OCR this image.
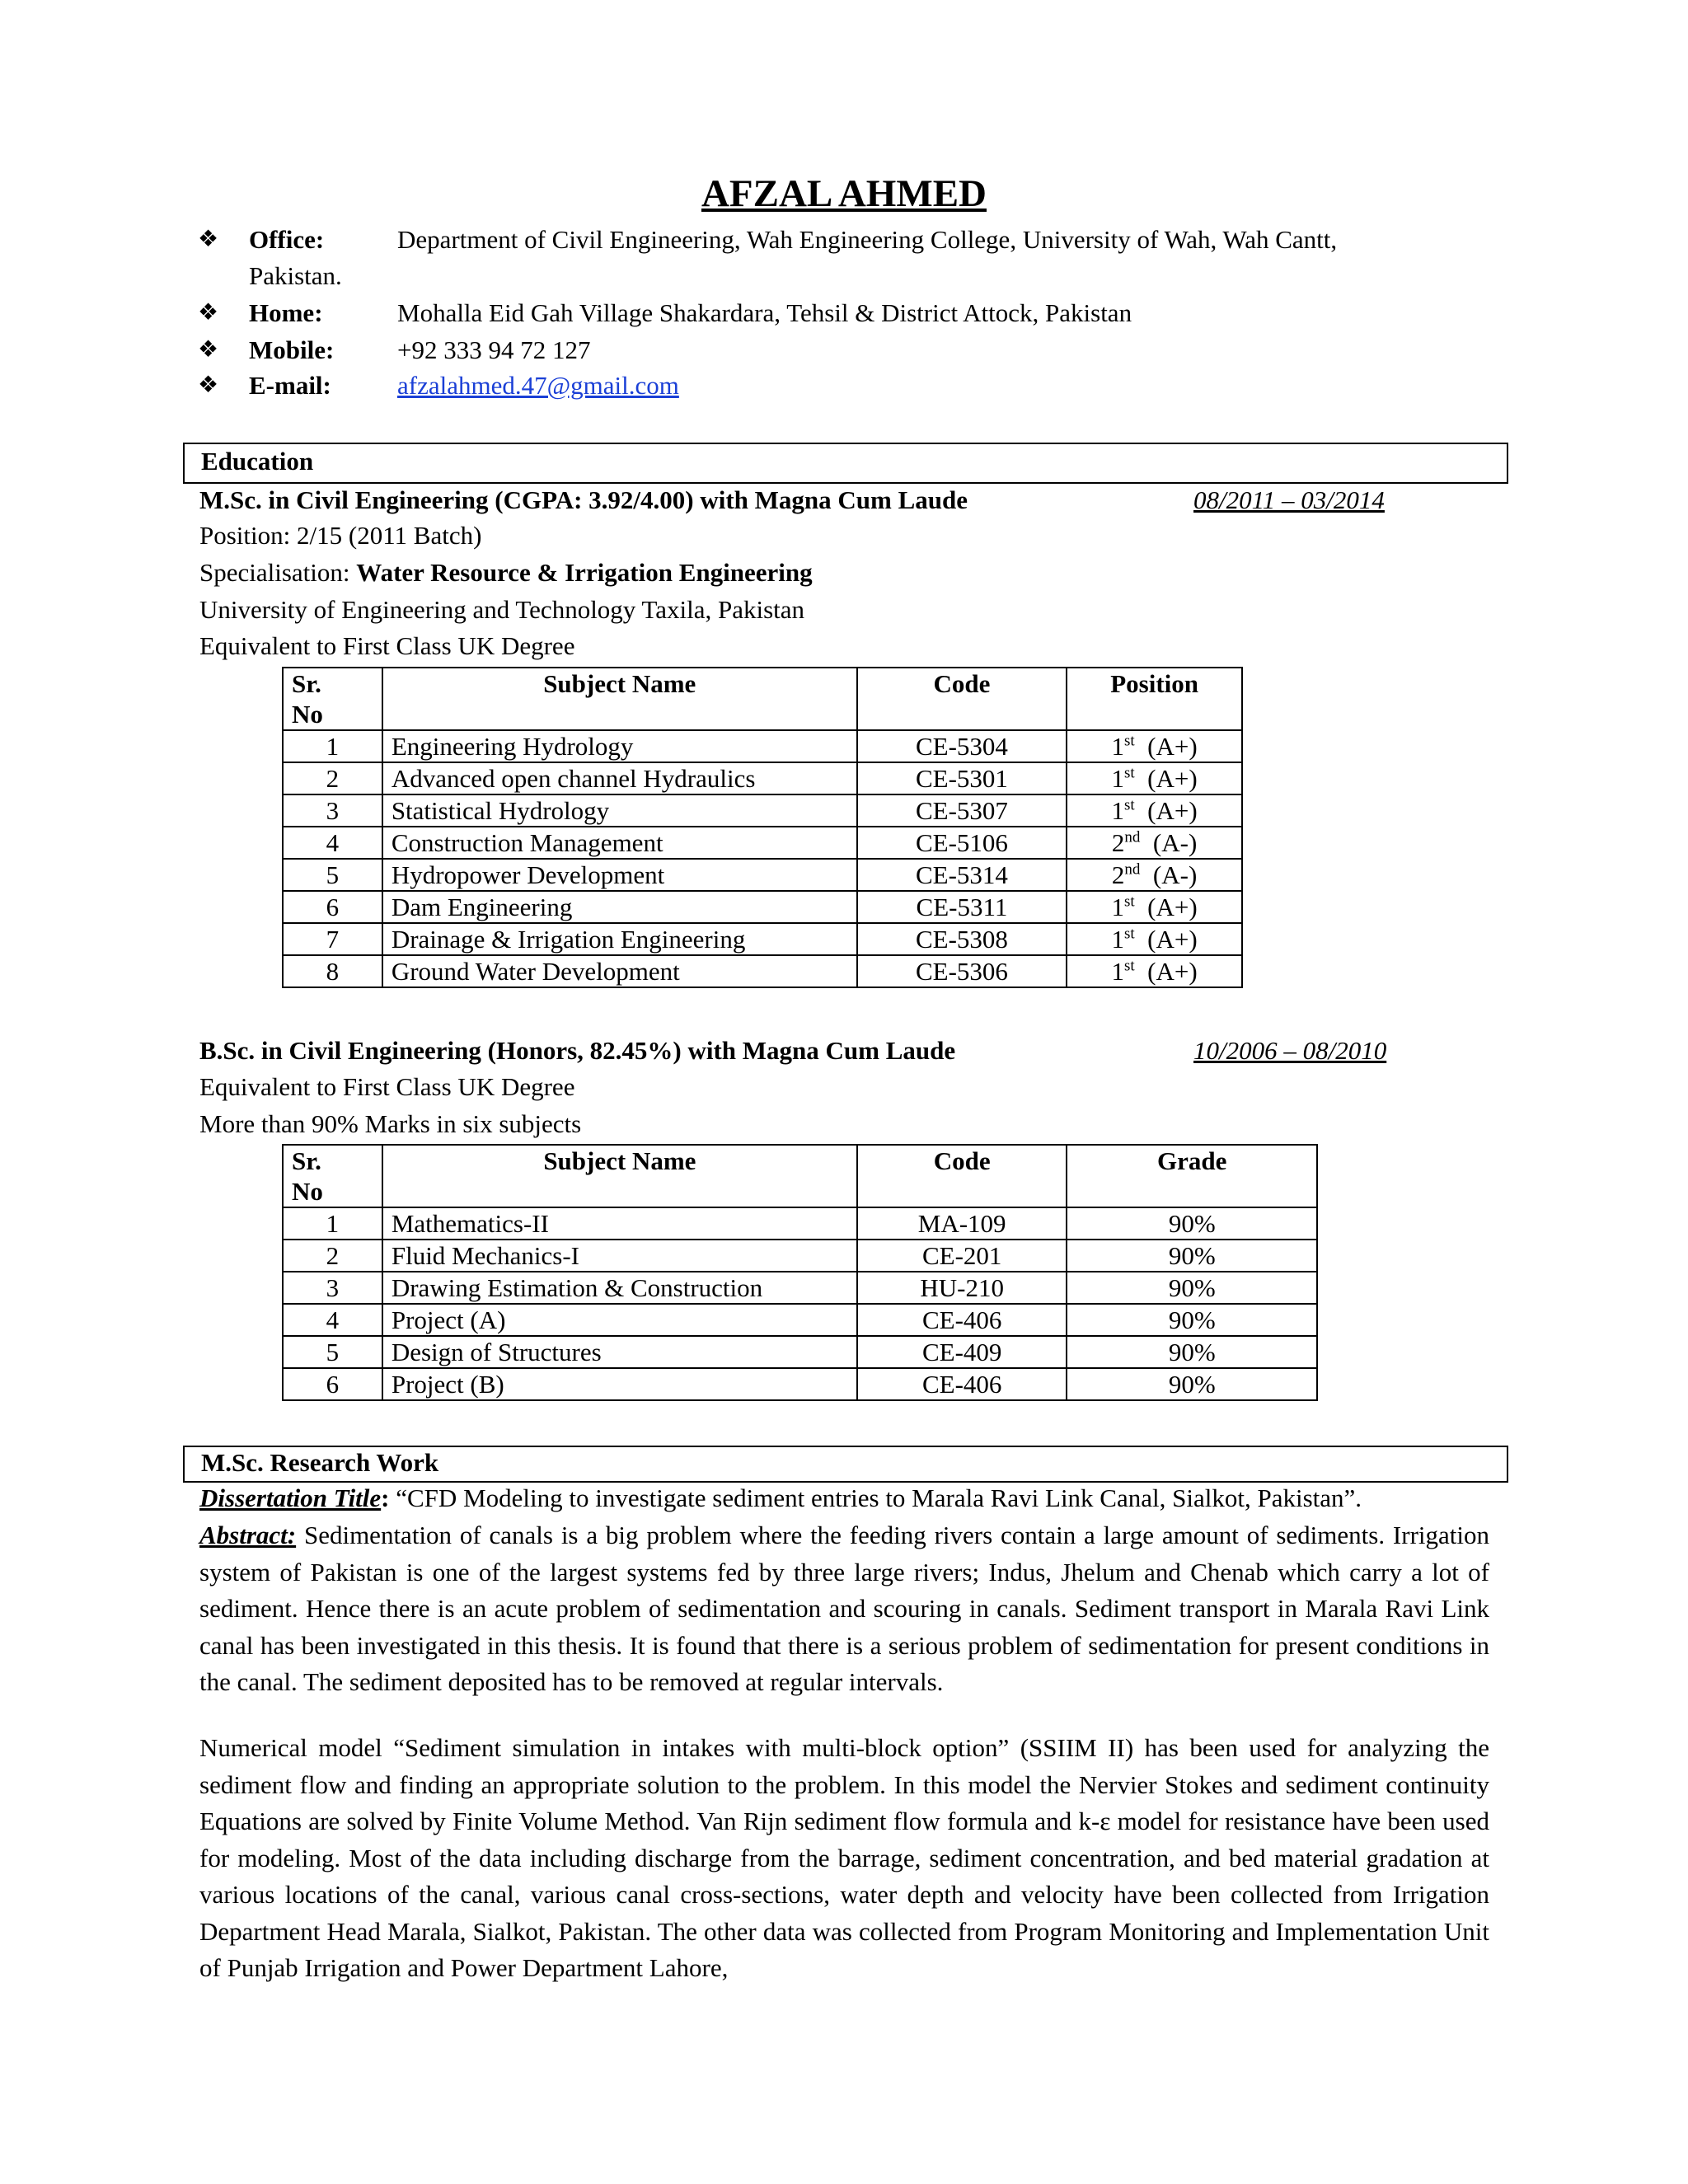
AFZAL AHMED
❖ Office:	Department of Civil Engineering, Wah Engineering College, University of Wah, Wah Cantt,
Pakistan.
❖ Home:	Mohalla Eid Gah Village Shakardara, Tehsil & District Attock, Pakistan
❖ Mobile: +92 333 94 72 127
❖ E-mail:	afzalahmed.47@gmail.com
Education
M.Sc. in Civil Engineering (CGPA: 3.92/4.00) with Magna Cum Laude	08/2011 – 03/2014
Position: 2/15 (2011 Batch)
Specialisation: Water Resource & Irrigation Engineering
University of Engineering and Technology Taxila, Pakistan
Equivalent to First Class UK Degree
Sr.
No	Subject Name	Code	Position
1	Engineering Hydrology	CE-5304	1st  (A+)
2	Advanced open channel Hydraulics	CE-5301	1st  (A+)
3	Statistical Hydrology	CE-5307	1st  (A+)
4	Construction Management	CE-5106	2nd  (A-)
5	Hydropower Development	CE-5314	2nd  (A-)
6	Dam Engineering	CE-5311	1st  (A+)
7	Drainage & Irrigation Engineering	CE-5308	1st  (A+)
8	Ground Water Development	CE-5306	1st  (A+)
B.Sc. in Civil Engineering (Honors, 82.45%) with Magna Cum Laude	10/2006 – 08/2010
Equivalent to First Class UK Degree
More than 90% Marks in six subjects
Sr.
No	Subject Name	Code	Grade
1	Mathematics-II	MA-109	90%
2	Fluid Mechanics-I	CE-201	90%
3	Drawing Estimation & Construction	HU-210	90%
4	Project (A)	CE-406	90%
5	Design of Structures	CE-409	90%
6	Project (B)	CE-406	90%
M.Sc. Research Work
Dissertation Title: “CFD Modeling to investigate sediment entries to Marala Ravi Link Canal, Sialkot, Pakistan”.
Abstract: Sedimentation of canals is a big problem where the feeding rivers contain a large amount of sediments. Irrigation system of Pakistan is one of the largest systems fed by three large rivers; Indus, Jhelum and Chenab which carry a lot of sediment. Hence there is an acute problem of sedimentation and scouring in canals. Sediment transport in Marala Ravi Link canal has been investigated in this thesis. It is found that there is a serious problem of sedimentation for present conditions in the canal. The sediment deposited has to be removed at regular intervals.
Numerical model “Sediment simulation in intakes with multi-block option” (SSIIM II) has been used for analyzing the sediment flow and finding an appropriate solution to the problem. In this model the Nervier Stokes and sediment continuity Equations are solved by Finite Volume Method. Van Rijn sediment flow formula and k-ε model for resistance have been used for modeling. Most of the data including discharge from the barrage, sediment concentration, and bed material gradation at various locations of the canal, various canal cross-sections, water depth and velocity have been collected from Irrigation Department Head Marala, Sialkot, Pakistan. The other data was collected from Program Monitoring and Implementation Unit of Punjab Irrigation and Power Department Lahore,
